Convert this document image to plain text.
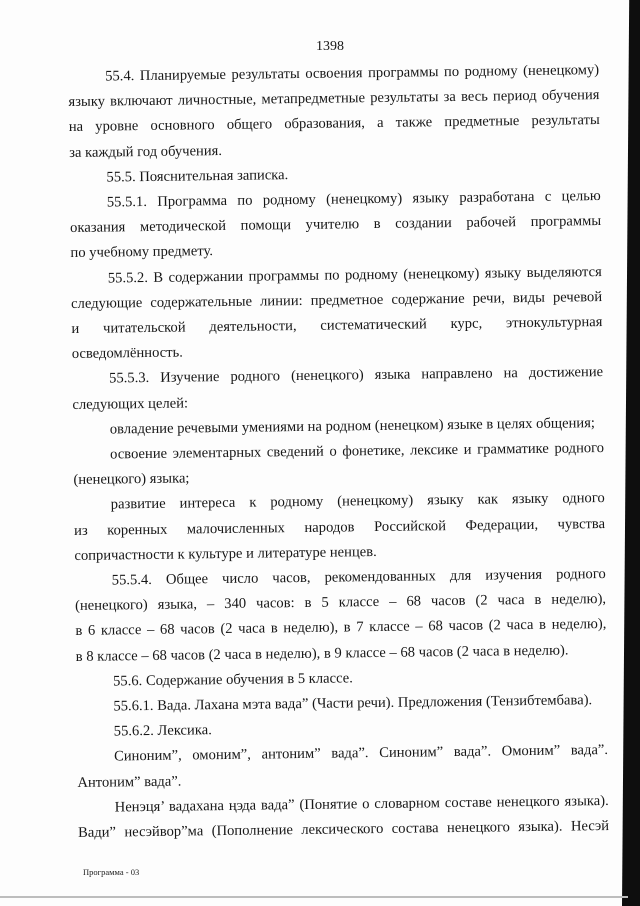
1398
55.4. Планируемые результаты освоения программы по родному (ненецкому)
языку включают личностные, метапредметные результаты за весь период обучения
на уровне основного общего образования, а также предметные результаты
за каждый год обучения.
55.5. Пояснительная записка.
55.5.1. Программа по родному (ненецкому) языку разработана с целью
оказания методической помощи учителю в создании рабочей программы
по учебному предмету.
55.5.2. В содержании программы по родному (ненецкому) языку выделяются
следующие содержательные линии: предметное содержание речи, виды речевой
и читательской деятельности, систематический курс, этнокультурная
осведомлённость.
55.5.3. Изучение родного (ненецкого) языка направлено на достижение
следующих целей:
овладение речевыми умениями на родном (ненецком) языке в целях общения;
освоение элементарных сведений о фонетике, лексике и грамматике родного
(ненецкого) языка;
развитие интереса к родному (ненецкому) языку как языку одного
из коренных малочисленных народов Российской Федерации, чувства
сопричастности к культуре и литературе ненцев.
55.5.4. Общее число часов, рекомендованных для изучения родного
(ненецкого) языка, – 340 часов: в 5 классе – 68 часов (2 часа в неделю),
в 6 классе – 68 часов (2 часа в неделю), в 7 классе – 68 часов (2 часа в неделю),
в 8 классе – 68 часов (2 часа в неделю), в 9 классе – 68 часов (2 часа в неделю).
55.6. Содержание обучения в 5 классе.
55.6.1. Вада. Лахана мэта вада” (Части речи). Предложения (Тензибтембава).
55.6.2. Лексика.
Синоним”, омоним”, антоним” вада”. Синоним” вада”. Омоним” вада”.
Антоним” вада”.
Ненэця’ вадахана ңэда вада” (Понятие о словарном составе ненецкого языка).
Вади” несэйвор”ма (Пополнение лексического состава ненецкого языка). Несэй
Программа - 03
